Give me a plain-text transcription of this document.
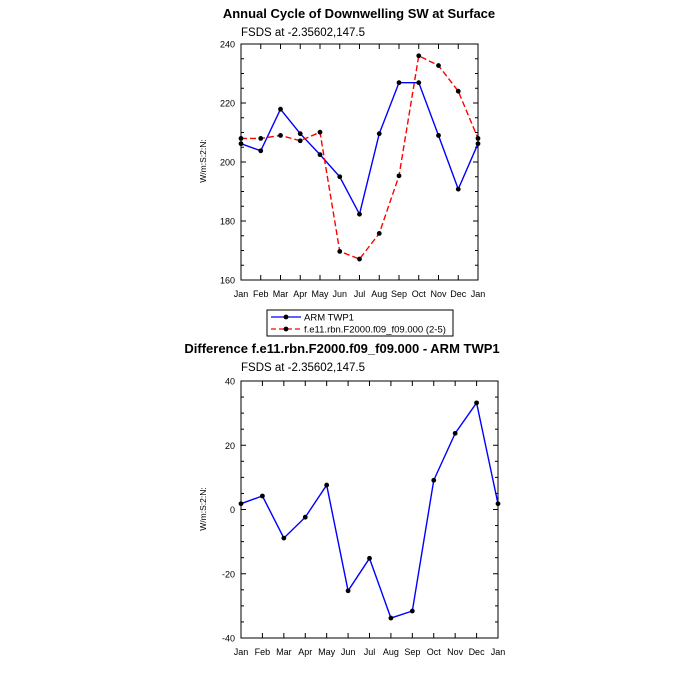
Annual Cycle of Downwelling SW at Surface
FSDS at -2.35602,147.5
W/m:S:2:N:
Jan Feb Mar Apr May Jun Jul Aug Sep Oct Nov Dec Jan
160
180
200
220
240
ARM TWP1
f.e11.rbn.F2000.f09_f09.000 (2-5)
Difference f.e11.rbn.F2000.f09_f09.000 - ARM TWP1
FSDS at -2.35602,147.5
W/m:S:2:N:
Jan Feb Mar Apr May Jun Jul Aug Sep Oct Nov Dec Jan
-40
-20
0
20
40
